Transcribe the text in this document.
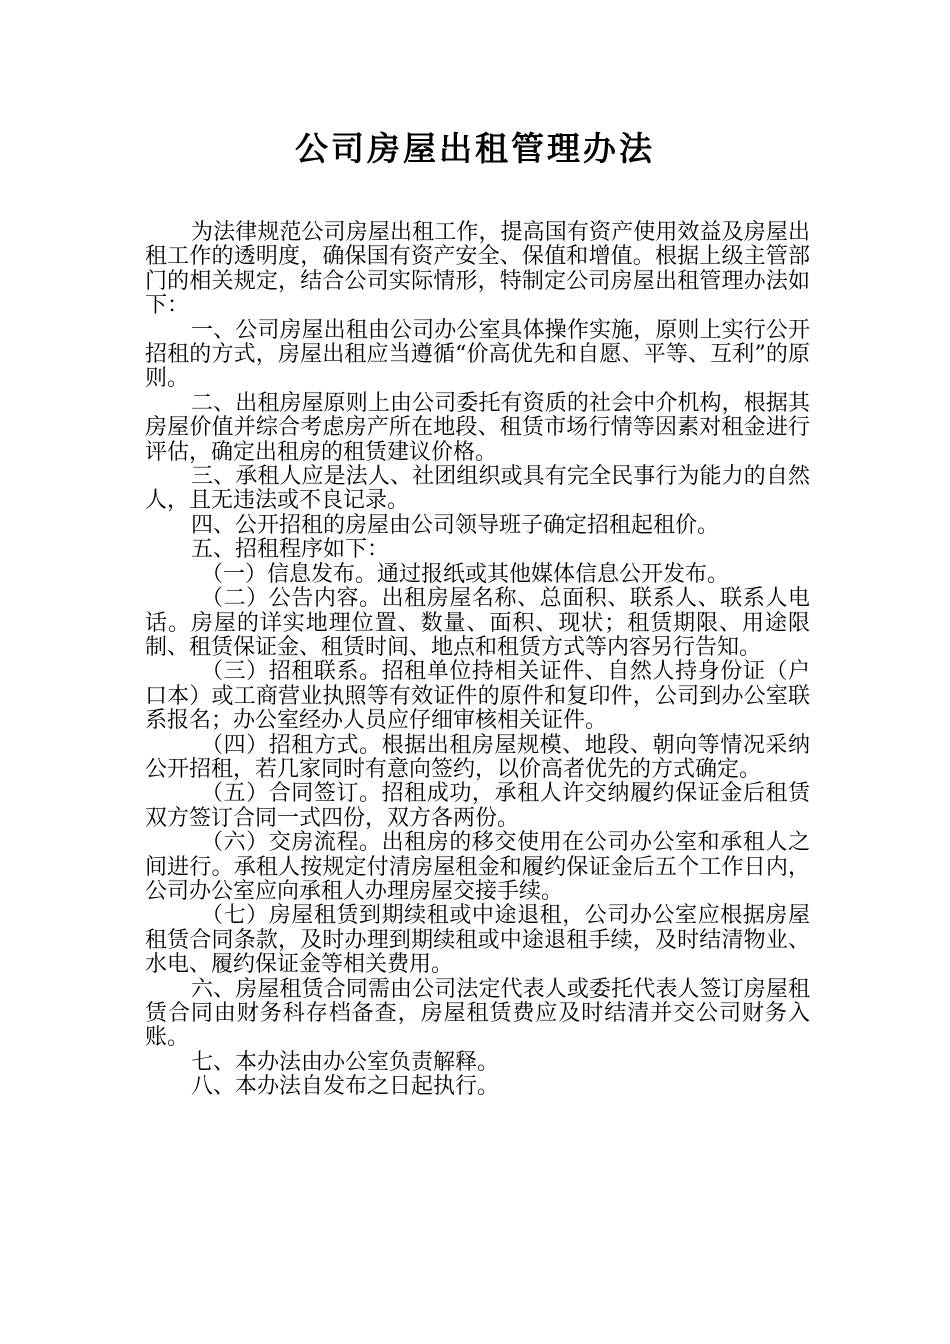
公司房屋出租管理办法

为法律规范公司房屋出租工作，提高国有资产使用效益及房屋出租工作的透明度，确保国有资产安全、保值和增值。根据上级主管部门的相关规定，结合公司实际情形，特制定公司房屋出租管理办法如下：

一、公司房屋出租由公司办公室具体操作实施，原则上实行公开招租的方式，房屋出租应当遵循“价高优先和自愿、平等、互利”的原则。

二、出租房屋原则上由公司委托有资质的社会中介机构，根据其房屋价值并综合考虑房产所在地段、租赁市场行情等因素对租金进行评估，确定出租房的租赁建议价格。

三、承租人应是法人、社团组织或具有完全民事行为能力的自然人，且无违法或不良记录。

四、公开招租的房屋由公司领导班子确定招租起租价。

五、招租程序如下：

（一）信息发布。通过报纸或其他媒体信息公开发布。

（二）公告内容。出租房屋名称、总面积、联系人、联系人电话。房屋的详实地理位置、数量、面积、现状；租赁期限、用途限制、租赁保证金、租赁时间、地点和租赁方式等内容另行告知。

（三）招租联系。招租单位持相关证件、自然人持身份证（户口本）或工商营业执照等有效证件的原件和复印件，公司到办公室联系报名；办公室经办人员应仔细审核相关证件。

（四）招租方式。根据出租房屋规模、地段、朝向等情况采纳公开招租，若几家同时有意向签约，以价高者优先的方式确定。

（五）合同签订。招租成功，承租人许交纳履约保证金后租赁双方签订合同一式四份，双方各两份。

（六）交房流程。出租房的移交使用在公司办公室和承租人之间进行。承租人按规定付清房屋租金和履约保证金后五个工作日内，公司办公室应向承租人办理房屋交接手续。

（七）房屋租赁到期续租或中途退租，公司办公室应根据房屋租赁合同条款，及时办理到期续租或中途退租手续，及时结清物业、水电、履约保证金等相关费用。

六、房屋租赁合同需由公司法定代表人或委托代表人签订房屋租赁合同由财务科存档备查，房屋租赁费应及时结清并交公司财务入账。

七、本办法由办公室负责解释。

八、本办法自发布之日起执行。
